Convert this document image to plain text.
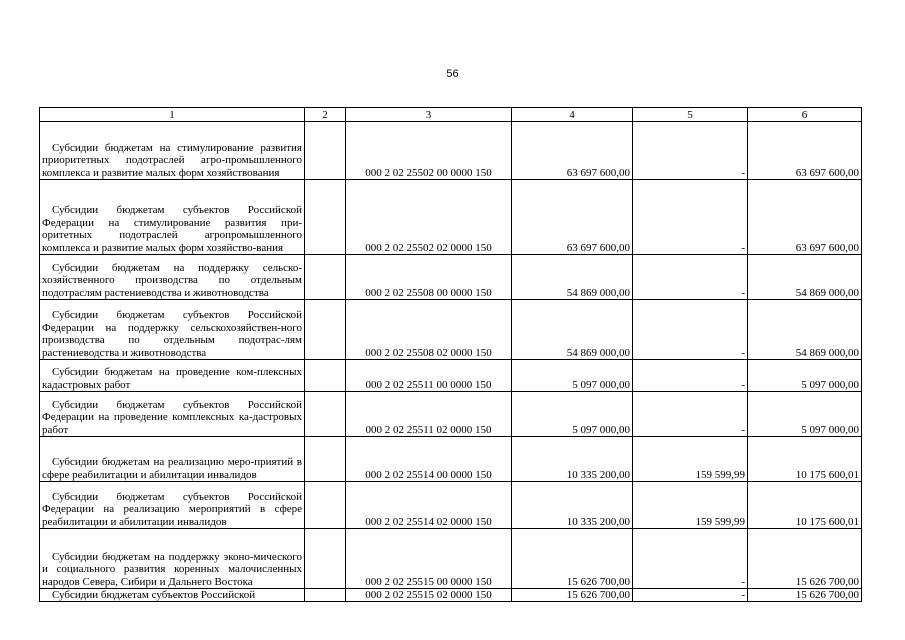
56
1	2	3	4	5	6
Субсидии бюджетам на стимулирование развития приоритетных подотраслей агро-промышленного комплекса и развитие малых форм хозяйствования		000 2 02 25502 00 0000 150	63 697 600,00	-	63 697 600,00
Субсидии бюджетам субъектов Российской Федерации на стимулирование развития при-оритетных подотраслей агропромышленного комплекса и развитие малых форм хозяйство-вания		000 2 02 25502 02 0000 150	63 697 600,00	-	63 697 600,00
Субсидии бюджетам на поддержку сельско-хозяйственного производства по отдельным подотраслям растениеводства и животноводства		000 2 02 25508 00 0000 150	54 869 000,00	-	54 869 000,00
Субсидии бюджетам субъектов Российской Федерации на поддержку сельскохозяйствен-ного производства по отдельным подотрас-лям растениеводства и животноводства		000 2 02 25508 02 0000 150	54 869 000,00	-	54 869 000,00
Субсидии бюджетам на проведение ком-плексных кадастровых работ		000 2 02 25511 00 0000 150	5 097 000,00	-	5 097 000,00
Субсидии бюджетам субъектов Российской Федерации на проведение комплексных ка-дастровых работ		000 2 02 25511 02 0000 150	5 097 000,00	-	5 097 000,00
Субсидии бюджетам на реализацию меро-приятий в сфере реабилитации и абилитации инвалидов		000 2 02 25514 00 0000 150	10 335 200,00	159 599,99	10 175 600,01
Субсидии бюджетам субъектов Российской Федерации на реализацию мероприятий в сфере реабилитации и абилитации инвалидов		000 2 02 25514 02 0000 150	10 335 200,00	159 599,99	10 175 600,01
Субсидии бюджетам на поддержку эконо-мического и социального развития коренных малочисленных народов Севера, Сибири и Дальнего Востока		000 2 02 25515 00 0000 150	15 626 700,00	-	15 626 700,00
Субсидии бюджетам субъектов Российской		000 2 02 25515 02 0000 150	15 626 700,00	-	15 626 700,00
